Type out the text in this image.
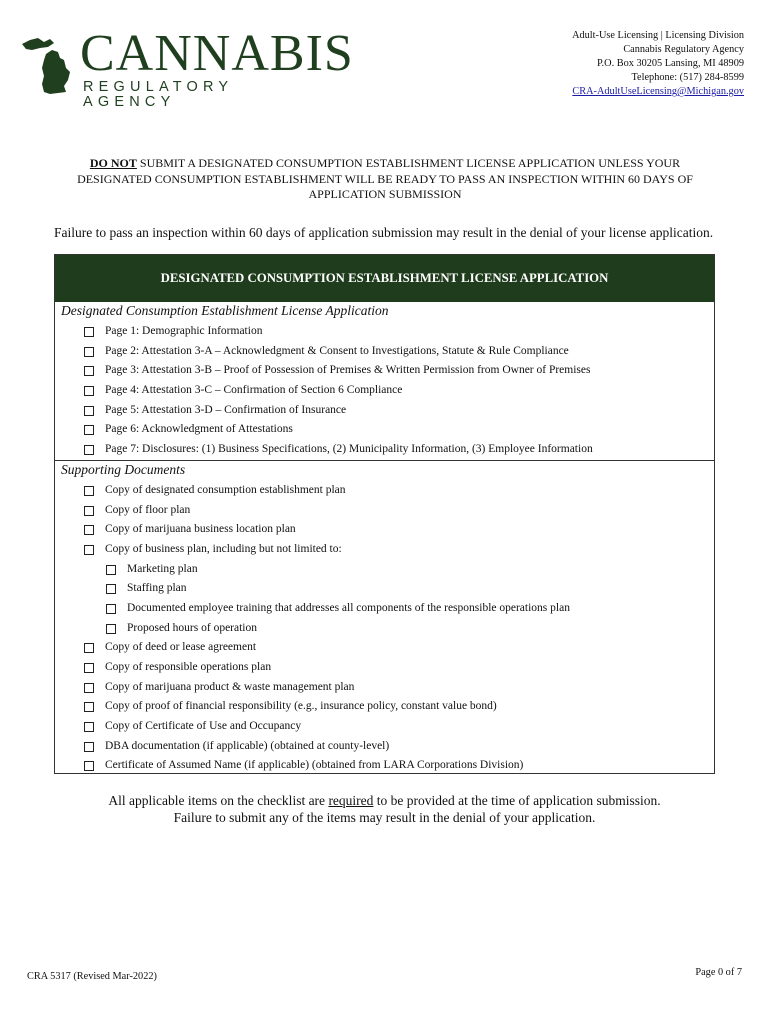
CANNABIS
REGULATORY AGENCY
Adult-Use Licensing | Licensing Division
Cannabis Regulatory Agency
P.O. Box 30205 Lansing, MI 48909
Telephone: (517) 284-8599
CRA-AdultUseLicensing@Michigan.gov
DO NOT SUBMIT A DESIGNATED CONSUMPTION ESTABLISHMENT LICENSE APPLICATION UNLESS YOUR DESIGNATED CONSUMPTION ESTABLISHMENT WILL BE READY TO PASS AN INSPECTION WITHIN 60 DAYS OF APPLICATION SUBMISSION
Failure to pass an inspection within 60 days of application submission may result in the denial of your license application.
DESIGNATED CONSUMPTION ESTABLISHMENT LICENSE APPLICATION
Designated Consumption Establishment License Application
Page 1: Demographic Information
Page 2: Attestation 3-A – Acknowledgment & Consent to Investigations, Statute & Rule Compliance
Page 3: Attestation 3-B – Proof of Possession of Premises & Written Permission from Owner of Premises
Page 4: Attestation 3-C – Confirmation of Section 6 Compliance
Page 5: Attestation 3-D – Confirmation of Insurance
Page 6: Acknowledgment of Attestations
Page 7: Disclosures: (1) Business Specifications, (2) Municipality Information, (3) Employee Information
Supporting Documents
Copy of designated consumption establishment plan
Copy of floor plan
Copy of marijuana business location plan
Copy of business plan, including but not limited to:
Marketing plan
Staffing plan
Documented employee training that addresses all components of the responsible operations plan
Proposed hours of operation
Copy of deed or lease agreement
Copy of responsible operations plan
Copy of marijuana product & waste management plan
Copy of proof of financial responsibility (e.g., insurance policy, constant value bond)
Copy of Certificate of Use and Occupancy
DBA documentation (if applicable) (obtained at county-level)
Certificate of Assumed Name (if applicable) (obtained from LARA Corporations Division)
All applicable items on the checklist are required to be provided at the time of application submission.
Failure to submit any of the items may result in the denial of your application.
CRA 5317 (Revised Mar-2022)	Page 0 of 7
